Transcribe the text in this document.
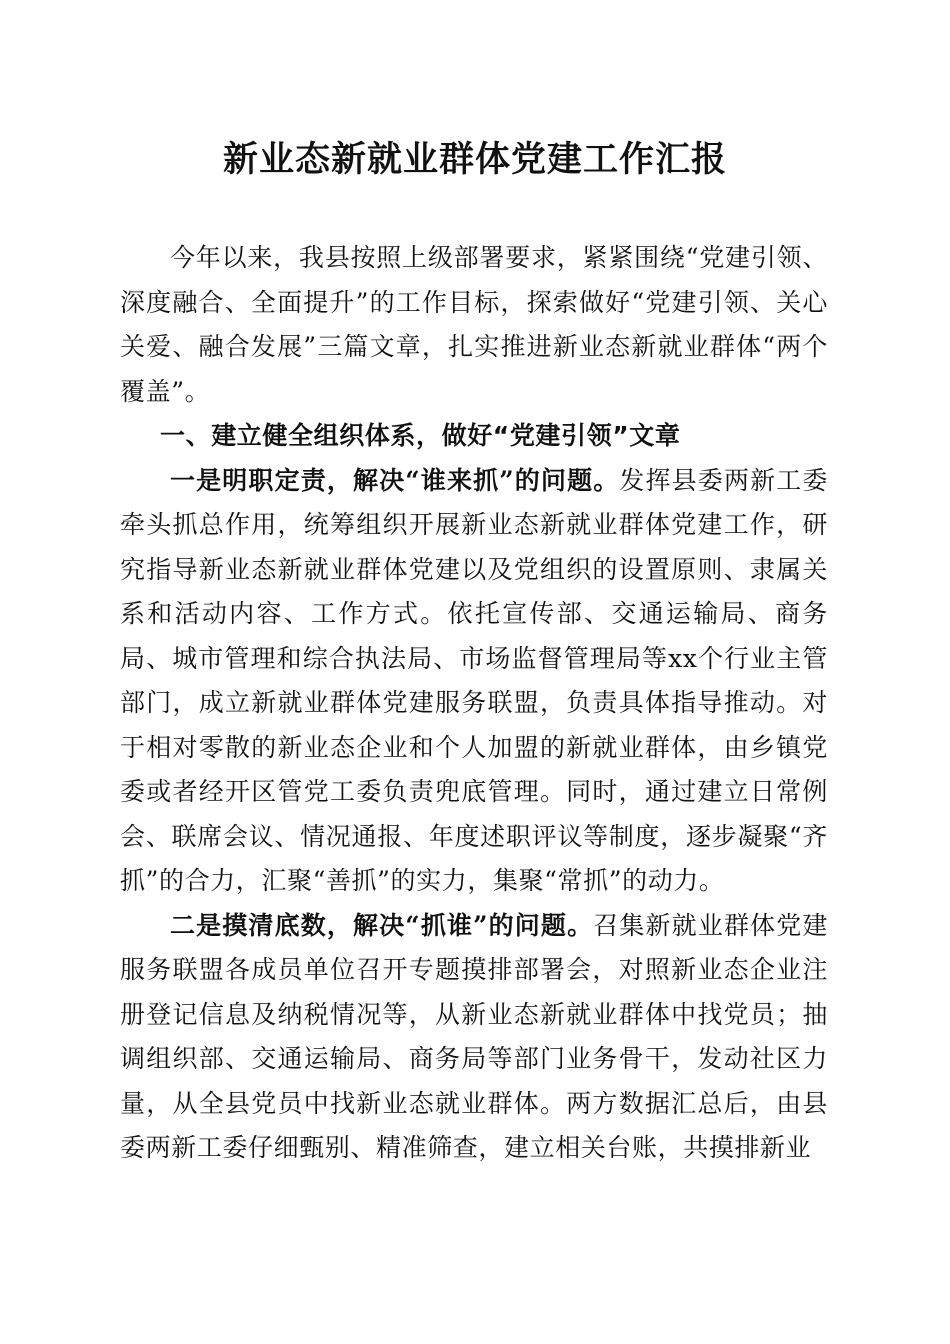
新业态新就业群体党建工作汇报

今年以来，我县按照上级部署要求，紧紧围绕“党建引领、深度融合、全面提升”的工作目标，探索做好“党建引领、关心关爱、融合发展”三篇文章，扎实推进新业态新就业群体“两个覆盖”。

一、建立健全组织体系，做好“党建引领”文章

一是明职定责，解决“谁来抓”的问题。发挥县委两新工委牵头抓总作用，统筹组织开展新业态新就业群体党建工作，研究指导新业态新就业群体党建以及党组织的设置原则、隶属关系和活动内容、工作方式。依托宣传部、交通运输局、商务局、城市管理和综合执法局、市场监督管理局等xx个行业主管部门，成立新就业群体党建服务联盟，负责具体指导推动。对于相对零散的新业态企业和个人加盟的新就业群体，由乡镇党委或者经开区管党工委负责兜底管理。同时，通过建立日常例会、联席会议、情况通报、年度述职评议等制度，逐步凝聚“齐抓”的合力，汇聚“善抓”的实力，集聚“常抓”的动力。

二是摸清底数，解决“抓谁”的问题。召集新就业群体党建服务联盟各成员单位召开专题摸排部署会，对照新业态企业注册登记信息及纳税情况等，从新业态新就业群体中找党员；抽调组织部、交通运输局、商务局等部门业务骨干，发动社区力量，从全县党员中找新业态就业群体。两方数据汇总后，由县委两新工委仔细甄别、精准筛查，建立相关台账，共摸排新业
